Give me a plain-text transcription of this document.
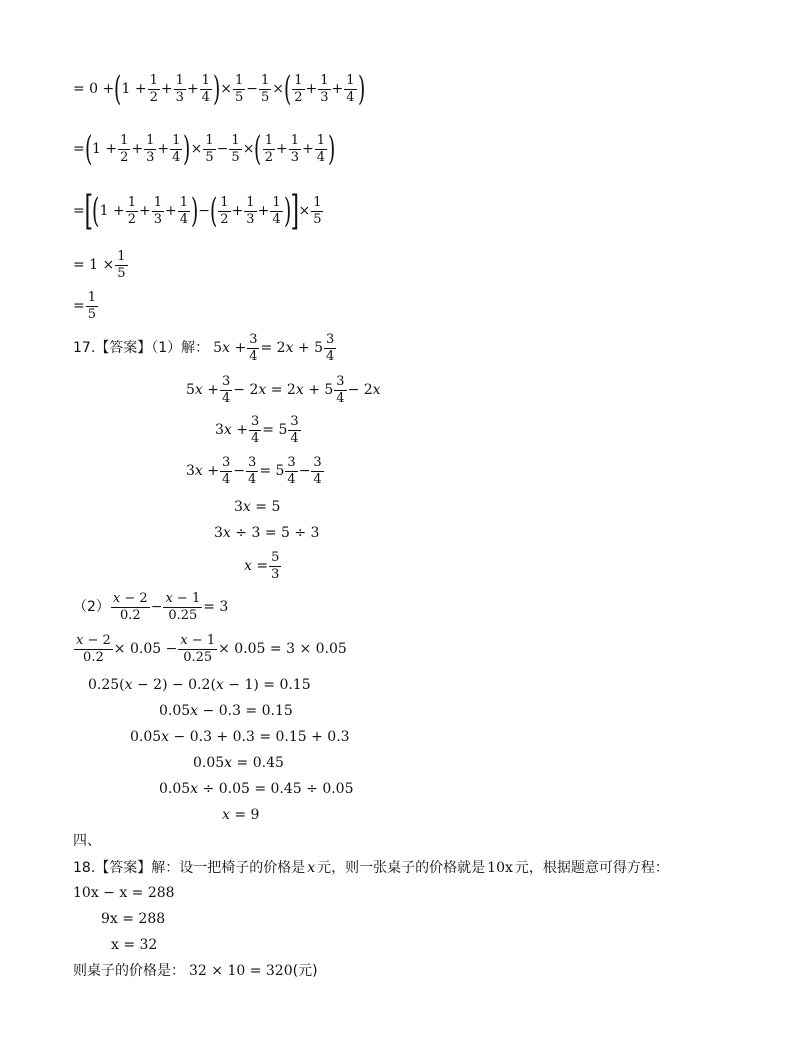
= 0 + ( $1 + \frac{1}{2} + \frac{1}{3} + \frac{1}{4}$ ) × $\frac{1}{5} - \frac{1}{5}$ × ( $\frac{1}{2} + \frac{1}{3} + \frac{1}{4}$ )
= ( $1 + \frac{1}{2} + \frac{1}{3} + \frac{1}{4}$ ) × $\frac{1}{5} - \frac{1}{5}$ × ( $\frac{1}{2} + \frac{1}{3} + \frac{1}{4}$ )
= [ ( $1 + \frac{1}{2} + \frac{1}{3} + \frac{1}{4}$ ) − ( $\frac{1}{2} + \frac{1}{3} + \frac{1}{4}$ ) ] × $\frac{1}{5}$
= $1 \times \frac{1}{5}$
= $\frac{1}{5}$
17.【答案】（1）解： $5x + \frac{3}{4} = 2x + 5 \frac{3}{4}$
$5x + \frac{3}{4} - 2x = 2x + 5 \frac{3}{4} - 2x$
$3x + \frac{3}{4} = 5 \frac{3}{4}$
$3x + \frac{3}{4} - \frac{3}{4} = 5 \frac{3}{4} - \frac{3}{4}$
3x = 5
3x ÷ 3 = 5 ÷ 3
$x = \frac{5}{3}$
$(2) \frac{x - 2}{0.2} - \frac{x - 1}{0.25} = 3$
$\frac{x - 2}{0.2} \times 0.05 - \frac{x - 1}{0.25} \times 0.05 = 3 \times 0.05$
0.25(x − 2) − 0.2(x − 1) = 0.15
0.05x − 0.3 = 0.15
0.05x − 0.3 + 0.3 = 0.15 + 0.3
0.05x = 0.45
0.05x ÷ 0.05 = 0.45 ÷ 0.05
x = 9
四、
18.【答案】解：设一把椅子的价格是 x 元，则一张桌子的价格就是 10x 元，根据题意可得方程：
10x − x = 288
9x = 288
x = 32
则桌子的价格是： 32 × 10 = 320 (元)
